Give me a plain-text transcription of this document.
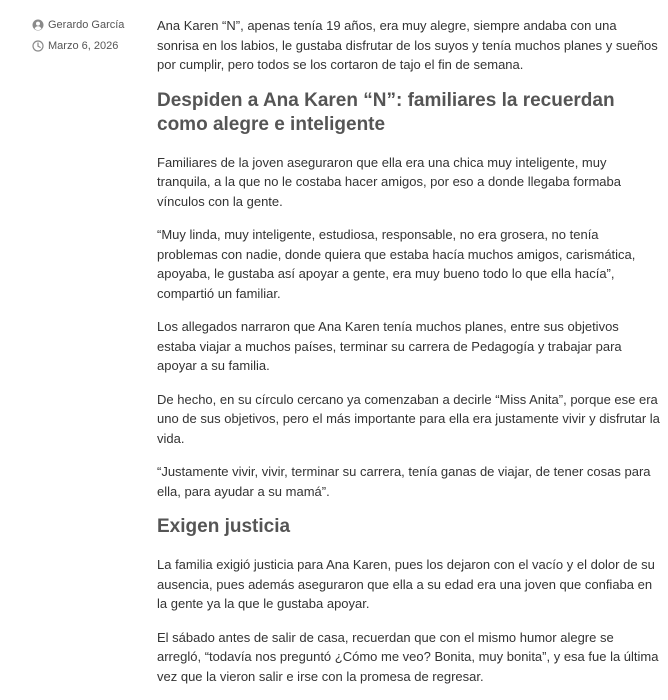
Gerardo García
Marzo 6, 2026

Ana Karen “N”, apenas tenía 19 años, era muy alegre, siempre andaba con una sonrisa en los labios, le gustaba disfrutar de los suyos y tenía muchos planes y sueños por cumplir, pero todos se los cortaron de tajo el fin de semana.

Despiden a Ana Karen “N”: familiares la recuerdan como alegre e inteligente

Familiares de la joven aseguraron que ella era una chica muy inteligente, muy tranquila, a la que no le costaba hacer amigos, por eso a donde llegaba formaba vínculos con la gente.

“Muy linda, muy inteligente, estudiosa, responsable, no era grosera, no tenía problemas con nadie, donde quiera que estaba hacía muchos amigos, carismática, apoyaba, le gustaba así apoyar a gente, era muy bueno todo lo que ella hacía”, compartió un familiar.

Los allegados narraron que Ana Karen tenía muchos planes, entre sus objetivos estaba viajar a muchos países, terminar su carrera de Pedagogía y trabajar para apoyar a su familia.

De hecho, en su círculo cercano ya comenzaban a decirle “Miss Anita”, porque ese era uno de sus objetivos, pero el más importante para ella era justamente vivir y disfrutar la vida.

“Justamente vivir, vivir, terminar su carrera, tenía ganas de viajar, de tener cosas para ella, para ayudar a su mamá”.

Exigen justicia

La familia exigió justicia para Ana Karen, pues los dejaron con el vacío y el dolor de su ausencia, pues además aseguraron que ella a su edad era una joven que confiaba en la gente ya la que le gustaba apoyar.

El sábado antes de salir de casa, recuerdan que con el mismo humor alegre se arregló, “todavía nos preguntó ¿Cómo me veo? Bonita, muy bonita”, y esa fue la última vez que la vieron salir e irse con la promesa de regresar.
